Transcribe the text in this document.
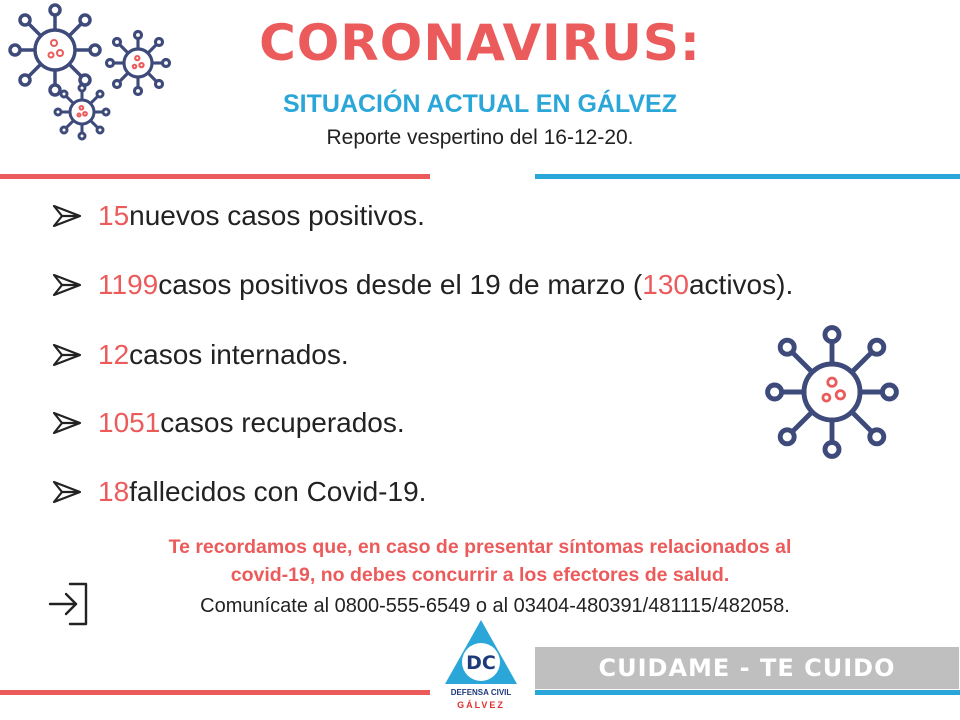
CORONAVIRUS:
SITUACIÓN ACTUAL EN GÁLVEZ
Reporte vespertino del 16-12-20.
15 nuevos casos positivos.
1199 casos positivos desde el 19 de marzo ( 130 activos).
12 casos internados.
1051 casos recuperados.
18 fallecidos con Covid-19.
Te recordamos que, en caso de presentar síntomas relacionados al
covid-19, no debes concurrir a los efectores de salud.
Comunícate al 0800-555-6549 o al 03404-480391/481115/482058.
CUIDAME - TE CUIDO
DC
DEFENSA CIVIL
GÁLVEZ
